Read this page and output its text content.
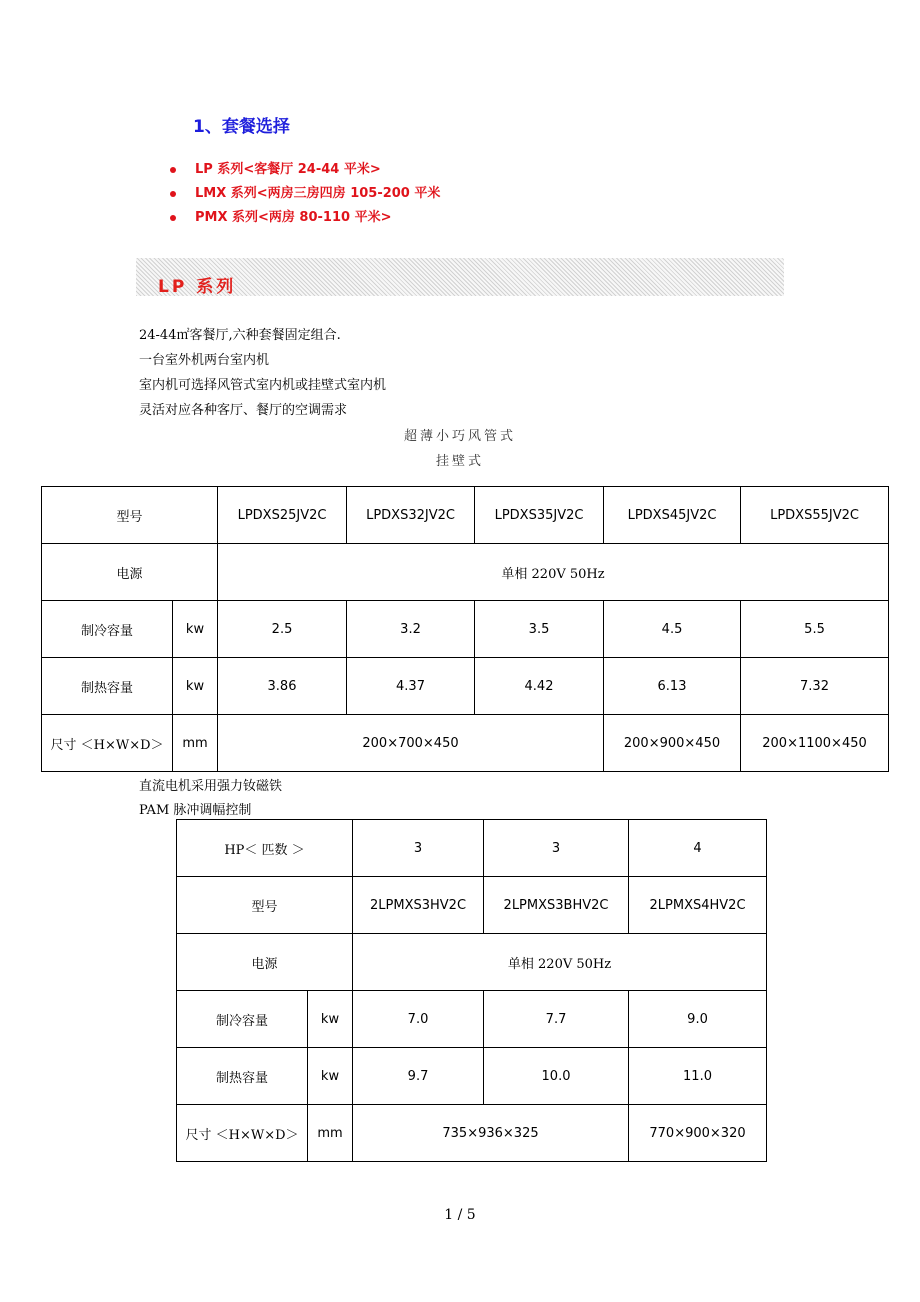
1、套餐选择
LP 系列<客餐厅 24-44 平米>
LMX 系列<两房三房四房 105-200 平米
PMX 系列<两房 80-110 平米>
LP 系列
24-44㎡客餐厅,六种套餐固定组合.
一台室外机两台室内机
室内机可选择风管式室内机或挂壁式室内机
灵活对应各种客厅、餐厅的空调需求
超薄小巧风管式
挂壁式
型号		LPDXS25JV2C	LPDXS32JV2C	LPDXS35JV2C	LPDXS45JV2C	LPDXS55JV2C
电源		单相 220V 50Hz				
制冷容量	kw	2.5	3.2	3.5	4.5	5.5
制热容量	kw	3.86	4.37	4.42	6.13	7.32
尺寸 ＜H×W×D＞	mm	200×700×450			200×900×450	200×1100×450
直流电机采用强力钕磁铁
PAM 脉冲调幅控制
HP＜ 匹数 ＞		3	3	4
型号		2LPMXS3HV2C	2LPMXS3BHV2C	2LPMXS4HV2C
电源		单相 220V 50Hz		
制冷容量	kw	7.0	7.7	9.0
制热容量	kw	9.7	10.0	11.0
尺寸 ＜H×W×D＞	mm	735×936×325		770×900×320
1 / 5
